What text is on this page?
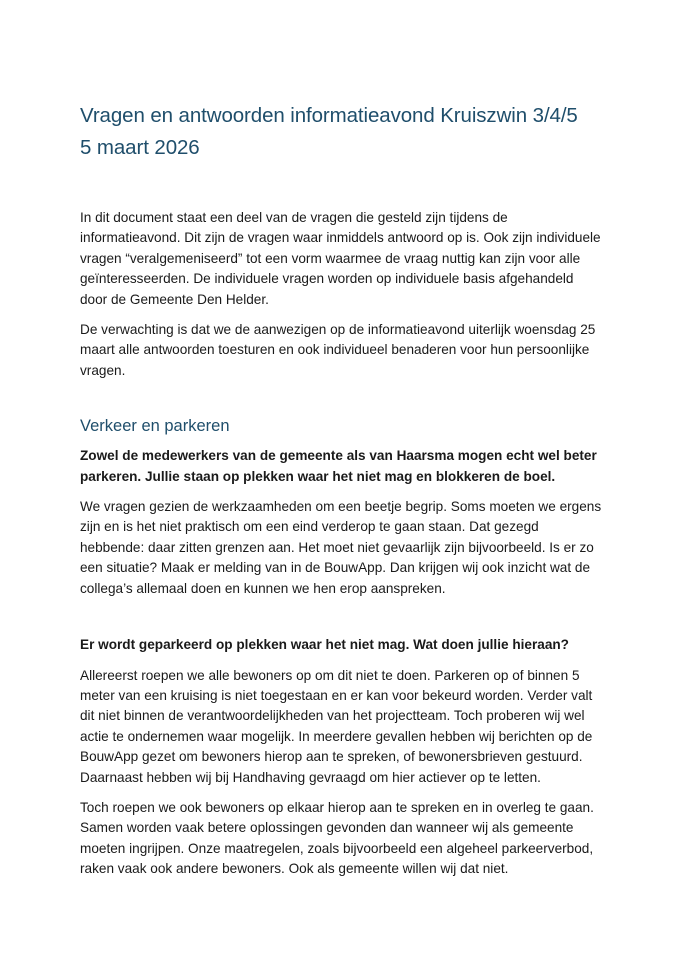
Vragen en antwoorden informatieavond Kruiszwin 3/4/5
5 maart 2026

In dit document staat een deel van de vragen die gesteld zijn tijdens de informatieavond. Dit zijn de vragen waar inmiddels antwoord op is. Ook zijn individuele vragen “veralgemeniseerd” tot een vorm waarmee de vraag nuttig kan zijn voor alle geïnteresseerden. De individuele vragen worden op individuele basis afgehandeld door de Gemeente Den Helder.

De verwachting is dat we de aanwezigen op de informatieavond uiterlijk woensdag 25 maart alle antwoorden toesturen en ook individueel benaderen voor hun persoonlijke vragen.

Verkeer en parkeren

Zowel de medewerkers van de gemeente als van Haarsma mogen echt wel beter parkeren. Jullie staan op plekken waar het niet mag en blokkeren de boel.

We vragen gezien de werkzaamheden om een beetje begrip. Soms moeten we ergens zijn en is het niet praktisch om een eind verderop te gaan staan. Dat gezegd hebbende: daar zitten grenzen aan. Het moet niet gevaarlijk zijn bijvoorbeeld. Is er zo een situatie? Maak er melding van in de BouwApp. Dan krijgen wij ook inzicht wat de collega’s allemaal doen en kunnen we hen erop aanspreken.

Er wordt geparkeerd op plekken waar het niet mag. Wat doen jullie hieraan?

Allereerst roepen we alle bewoners op om dit niet te doen. Parkeren op of binnen 5 meter van een kruising is niet toegestaan en er kan voor bekeurd worden. Verder valt dit niet binnen de verantwoordelijkheden van het projectteam. Toch proberen wij wel actie te ondernemen waar mogelijk. In meerdere gevallen hebben wij berichten op de BouwApp gezet om bewoners hierop aan te spreken, of bewonersbrieven gestuurd. Daarnaast hebben wij bij Handhaving gevraagd om hier actiever op te letten.

Toch roepen we ook bewoners op elkaar hierop aan te spreken en in overleg te gaan. Samen worden vaak betere oplossingen gevonden dan wanneer wij als gemeente moeten ingrijpen. Onze maatregelen, zoals bijvoorbeeld een algeheel parkeerverbod, raken vaak ook andere bewoners. Ook als gemeente willen wij dat niet.
